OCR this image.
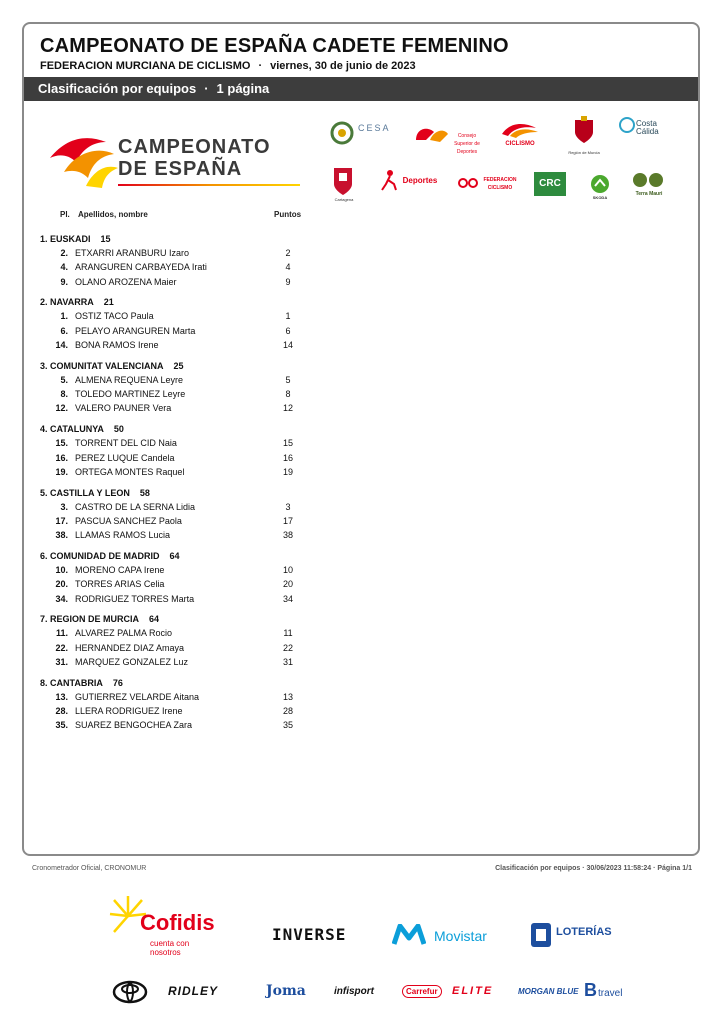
CAMPEONATO DE ESPAÑA CADETE FEMENINO
FEDERACION MURCIANA DE CICLISMO · viernes, 30 de junio de 2023
Clasificación por equipos · 1 página
CAMPEONATO
DE ESPAÑA
CESA
Consejo Superior de Deportes
CICLISMO
Región de Murcia
Costa Cálida
Cartagena
Deportes	FEDERACION CICLISMO	CRC
SKODA
Terra Mauri
Pl. Apellidos, nombre	Puntos
1. EUSKADI 15
2. ETXARRI ARANBURU Izaro	2
4. ARANGUREN CARBAYEDA Irati	4
9. OLANO AROZENA Maier	9
2. NAVARRA 21
1. OSTIZ TACO Paula	1
6. PELAYO ARANGUREN Marta	6
14. BONA RAMOS Irene	14
3. COMUNITAT VALENCIANA 25
5. ALMENA REQUENA Leyre	5
8. TOLEDO MARTINEZ Leyre	8
12. VALERO PAUNER Vera	12
4. CATALUNYA 50
15. TORRENT DEL CID Naia	15
16. PEREZ LUQUE Candela	16
19. ORTEGA MONTES Raquel	19
5. CASTILLA Y LEON 58
3. CASTRO DE LA SERNA Lidia	3
17. PASCUA SANCHEZ Paola	17
38. LLAMAS RAMOS Lucia	38
6. COMUNIDAD DE MADRID 64
10. MORENO CAPA Irene	10
20. TORRES ARIAS Celia	20
34. RODRIGUEZ TORRES Marta	34
7. REGION DE MURCIA 64
11. ALVAREZ PALMA Rocio	11
22. HERNANDEZ DIAZ Amaya	22
31. MARQUEZ GONZALEZ Luz	31
8. CANTABRIA 76
13. GUTIERREZ VELARDE Aitana	13
28. LLERA RODRIGUEZ Irene	28
35. SUAREZ BENGOCHEA Zara	35
Cronometrador Oficial, CRONOMUR	Clasificación por equipos · 30/06/2023 11:58:24 · Página 1/1
Cofidis
cuenta con
nosotros
INVERSE	Movistar	LOTERÍAS
RIDLEY	Joma	infisport	Carrefur	ELITE	MORGAN BLUE B travel
